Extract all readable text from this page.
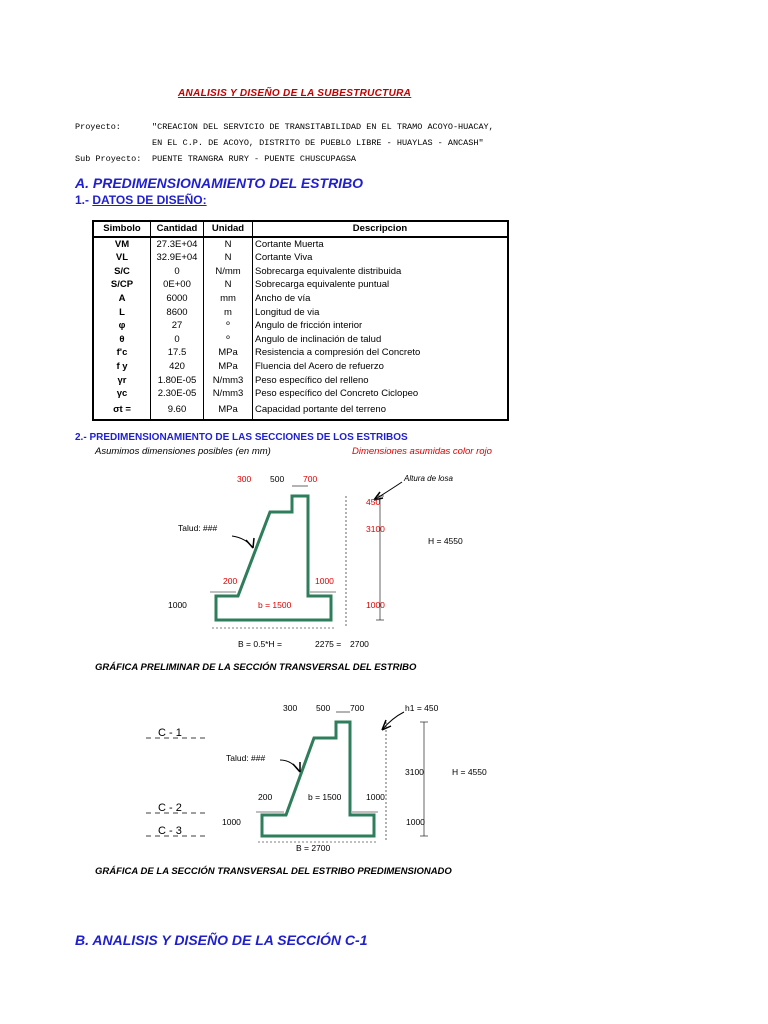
ANALISIS Y DISEÑO DE LA SUBESTRUCTURA
Proyecto:	"CREACION DEL SERVICIO DE TRANSITABILIDAD EN EL TRAMO ACOYO-HUACAY,
EN EL C.P. DE ACOYO, DISTRITO DE PUEBLO LIBRE - HUAYLAS - ANCASH"
Sub Proyecto: PUENTE TRANGRA RURY - PUENTE CHUSCUPAGSA
A. PREDIMENSIONAMIENTO DEL ESTRIBO
1.- DATOS DE DISEÑO:
Simbolo	Cantidad	Unidad	Descripcion
VM	27.3E+04	N	Cortante Muerta
VL	32.9E+04	N	Cortante Viva
S/C	0	N/mm	Sobrecarga equivalente distribuida
S/CP	0E+00	N	Sobrecarga equivalente puntual
A	6000	mm	Ancho de vía
L	8600	m	Longitud de via
φ	27	º	Angulo de fricción interior
θ	0	º	Angulo de inclinación de talud
f'c	17.5	MPa	Resistencia a compresión del Concreto
f y	420	MPa	Fluencia del Acero de refuerzo
γr	1.80E-05	N/mm3	Peso específico del relleno
γc	2.30E-05	N/mm3	Peso específico del Concreto Ciclopeo
σt =	9.60	MPa	Capacidad portante del terreno
2.- PREDIMENSIONAMIENTO DE LAS SECCIONES DE LOS ESTRIBOS
Asumimos dimensiones posibles (en mm)	Dimensiones asumidas color rojo
300 500 700	Altura de losa
450
3100
H = 4550
Talud: ###
200	1000
1000	b = 1500	1000
B = 0.5*H =	2275 = 2700
GRÁFICA PRELIMINAR DE LA SECCIÓN TRANSVERSAL DEL ESTRIBO
300 500 700	h1 = 450
C - 1
Talud: ###
3100	H = 4550
200	b = 1500	1000
C - 2
1000	1000
C - 3
B = 2700
GRÁFICA DE LA SECCIÓN TRANSVERSAL DEL ESTRIBO PREDIMENSIONADO
B. ANALISIS Y DISEÑO DE LA SECCIÓN C-1
